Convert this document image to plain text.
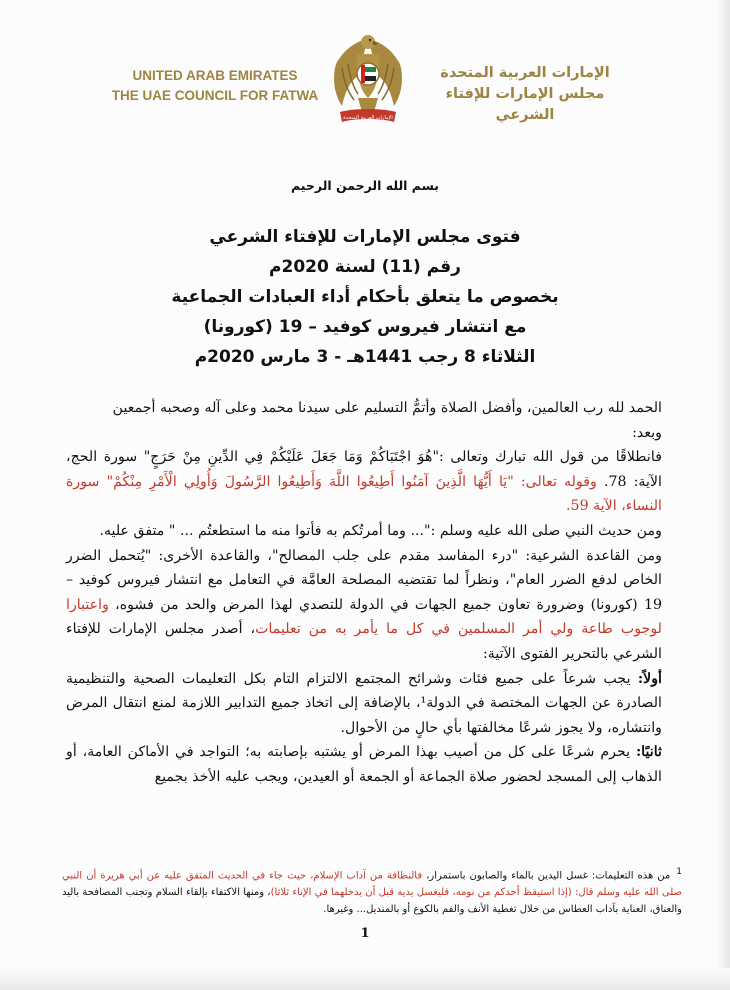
UNITED ARAB EMIRATES
THE UAE COUNCIL FOR FATWA
الإمارات العربية المتحدة
الإمارات العربية المتحدة
مجلس الإمارات للإفتاء الشرعي
بسم الله الرحمن الرحيم

فتوى مجلس الإمارات للإفتاء الشرعي

رقم (11) لسنة 2020م

بخصوص ما يتعلق بأحكام أداء العبادات الجماعية

مع انتشار فيروس كوفيد – 19 (كورونا)

الثلاثاء 8 رجب 1441هـ - 3 مارس 2020م

الحمد لله رب العالمين، وأفضل الصلاة وأتمُّ التسليم على سيدنا محمد وعلى آله وصحبه أجمعين

وبعد:

فانطلاقًا من قول الله تبارك وتعالى :"هُوَ اجْتَبَاكُمْ وَمَا جَعَلَ عَلَيْكُمْ فِي الدِّينِ مِنْ حَرَجٍ" سورة الحج، الآية: 78. وقوله تعالى: "يَا أَيُّهَا الَّذِينَ آمَنُوا أَطِيعُوا اللَّهَ وَأَطِيعُوا الرَّسُولَ وَأُولِي الْأَمْرِ مِنْكُمْ" سورة النساء، الآية 59.

ومن حديث النبي صلى الله عليه وسلم :"... وما أمرتُكم به فأتوا منه ما استطعتُم ... " متفق عليه.

ومن القاعدة الشرعية: "درء المفاسد مقدم على جلب المصالح"، والقاعدة الأخرى: "يُتحمل الضرر الخاص لدفع الضرر العام"، ونظراً لما تقتضيه المصلحة العامَّة في التعامل مع انتشار فيروس كوفيد – 19 (كورونا) وضرورة تعاون جميع الجهات في الدولة للتصدي لهذا المرض والحد من فشوه، واعتبارا لوجوب طاعة ولي أمر المسلمين في كل ما يأمر به من تعليمات، أصدر مجلس الإمارات للإفتاء الشرعي بالتحرير الفتوى الآتية:

أولاً: يجب شرعاً على جميع فئات وشرائح المجتمع الالتزام التام بكل التعليمات الصحية والتنظيمية الصادرة عن الجهات المختصة في الدولة¹، بالإضافة إلى اتخاذ جميع التدابير اللازمة لمنع انتقال المرض وانتشاره، ولا يجوز شرعًا مخالفتها بأي حالٍ من الأحوال.

ثانيًا: يحرم شرعًا على كل من أصيب بهذا المرض أو يشتبه بإصابته به؛ التواجد في الأماكن العامة، أو الذهاب إلى المسجد لحضور صلاة الجماعة أو الجمعة أو العيدين، ويجب عليه الأخذ بجميع

1من هذه التعليمات: غسل اليدين بالماء والصابون باستمرار، فالنظافة من آداب الإسلام، حيث جاء في الحديث المتفق عليه عن أبي هريرة أن النبي صلى الله عليه وسلم قال: (إذا استيقظ أحدكم من نومه، فليغسل يديه قبل أن يدخلهما في الإناء ثلاثا)، ومنها الاكتفاء بإلقاء السلام وتجنب المصافحة باليد والعناق، العناية بآداب العطاس من خلال تغطية الأنف والفم بالكوع أو بالمنديل... وغيرها.
1
